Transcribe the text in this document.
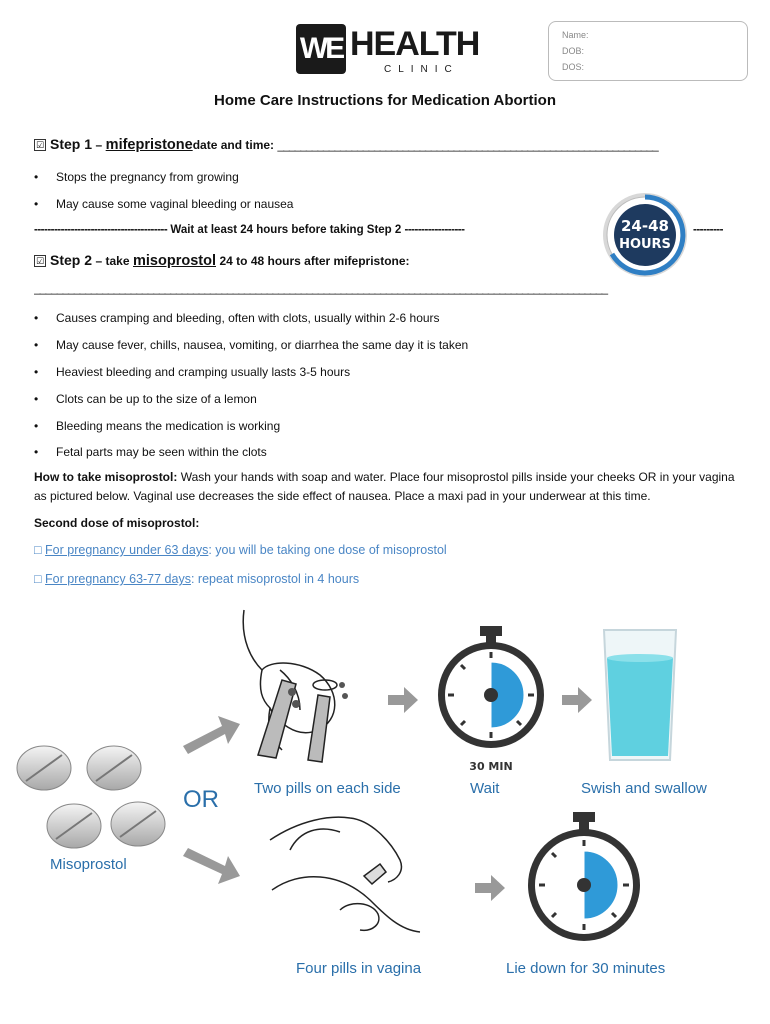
WE HEALTH
CLINIC
Name:
DOB:
DOS:
Home Care Instructions for Medication Abortion
☑ Step 1 – mifepristonedate and time: ___________________________________________________________________
• Stops the pregnancy from growing
• May cause some vaginal bleeding or nausea
---------------------------------------- Wait at least 24 hours before taking Step 2 ------------------	---------
24-48
HOURS
☑ Step 2 – take misoprostol 24 to 48 hours after mifepristone:
_____________________________________________________________________________________________________
• Causes cramping and bleeding, often with clots, usually within 2-6 hours
• May cause fever, chills, nausea, vomiting, or diarrhea the same day it is taken
• Heaviest bleeding and cramping usually lasts 3-5 hours
• Clots can be up to the size of a lemon
• Bleeding means the medication is working
• Fetal parts may be seen within the clots
How to take misoprostol: Wash your hands with soap and water. Place four misoprostol pills inside your cheeks OR in your vagina as pictured below. Vaginal use decreases the side effect of nausea. Place a maxi pad in your underwear at this time.
Second dose of misoprostol:
□ For pregnancy under 63 days: you will be taking one dose of misoprostol
□ For pregnancy 63-77 days: repeat misoprostol in 4 hours
30 MIN
OR
Misoprostol
Two pills on each side	Wait	Swish and swallow
Four pills in vagina	Lie down for 30 minutes
